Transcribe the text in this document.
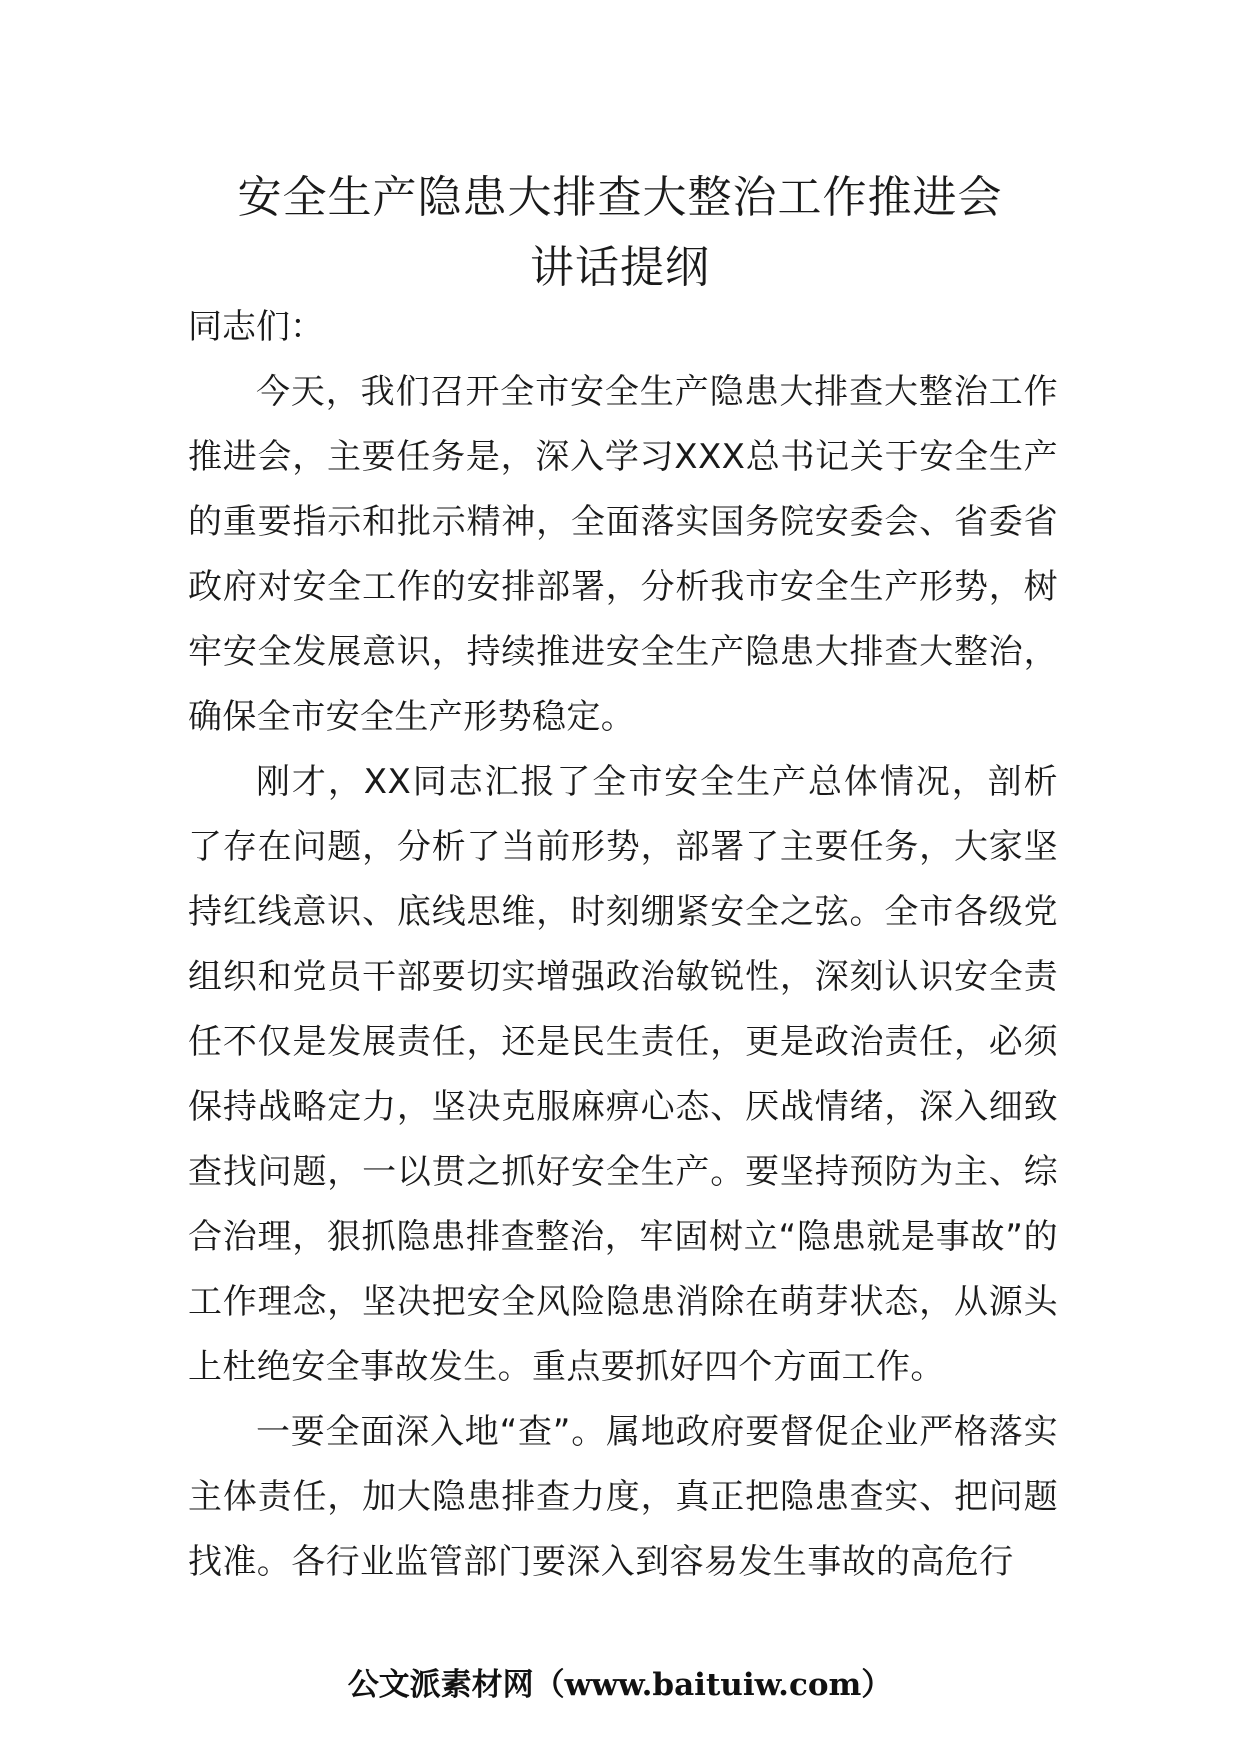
安全生产隐患大排查大整治工作推进会
讲话提纲
同志们：

今天，我们召开全市安全生产隐患大排查大整治工作推进会，主要任务是，深入学习XXX总书记关于安全生产的重要指示和批示精神，全面落实国务院安委会、省委省政府对安全工作的安排部署，分析我市安全生产形势，树牢安全发展意识，持续推进安全生产隐患大排查大整治，确保全市安全生产形势稳定。

刚才，XX同志汇报了全市安全生产总体情况，剖析了存在问题，分析了当前形势，部署了主要任务，大家坚持红线意识、底线思维，时刻绷紧安全之弦。全市各级党组织和党员干部要切实增强政治敏锐性，深刻认识安全责任不仅是发展责任，还是民生责任，更是政治责任，必须保持战略定力，坚决克服麻痹心态、厌战情绪，深入细致查找问题，一以贯之抓好安全生产。要坚持预防为主、综合治理，狠抓隐患排查整治，牢固树立“隐患就是事故”的工作理念，坚决把安全风险隐患消除在萌芽状态，从源头上杜绝安全事故发生。重点要抓好四个方面工作。

一要全面深入地“查”。属地政府要督促企业严格落实主体责任，加大隐患排查力度，真正把隐患查实、把问题找准。各行业监管部门要深入到容易发生事故的高危行

公文派素材网（www.baituiw.com）
